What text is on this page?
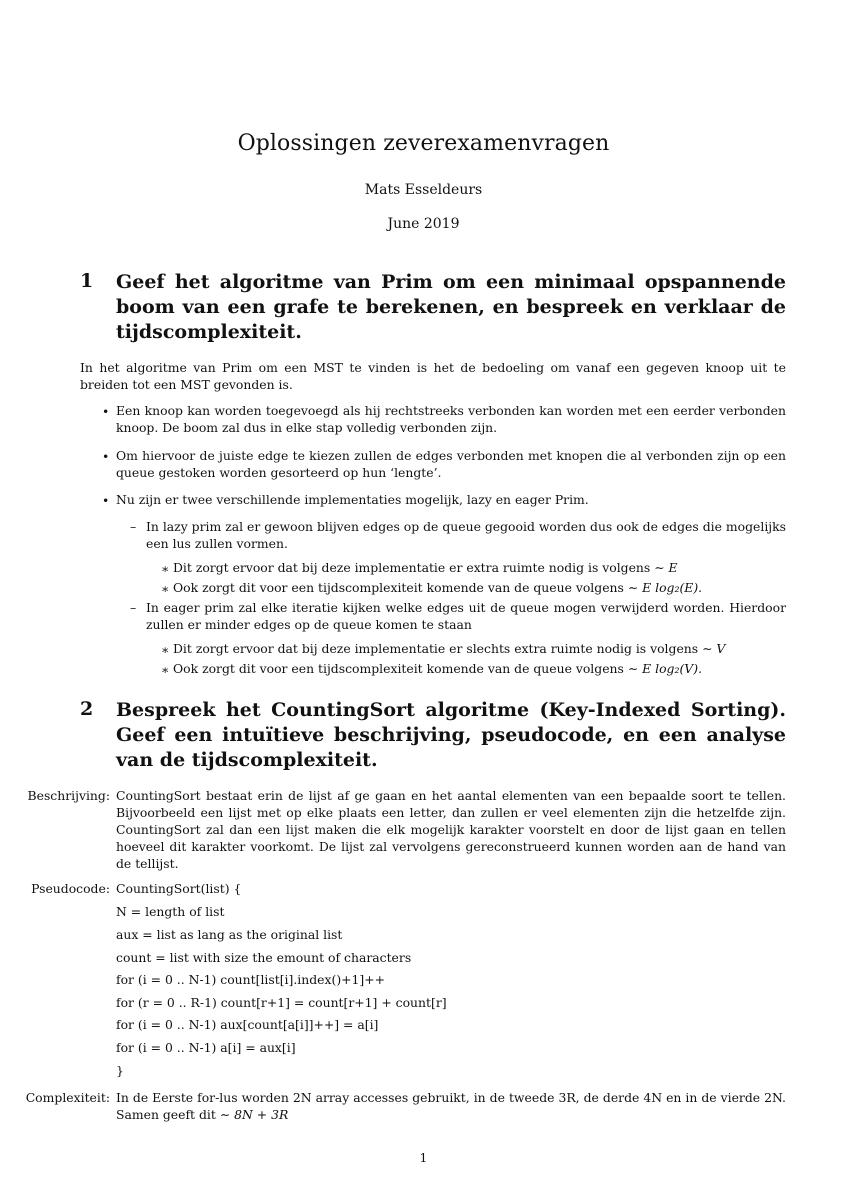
Oplossingen zeverexamenvragen
Mats Esseldeurs
June 2019
1 Geef het algoritme van Prim om een minimaal opspannende boom van een grafe te berekenen, en bespreek en verklaar de tijdscomplexiteit.
In het algoritme van Prim om een MST te vinden is het de bedoeling om vanaf een gegeven knoop uit te breiden tot een MST gevonden is.
• Een knoop kan worden toegevoegd als hij rechtstreeks verbonden kan worden met een eerder verbonden knoop. De boom zal dus in elke stap volledig verbonden zijn.
• Om hiervoor de juiste edge te kiezen zullen de edges verbonden met knopen die al verbonden zijn op een queue gestoken worden gesorteerd op hun ‘lengte’.
• Nu zijn er twee verschillende implementaties mogelijk, lazy en eager Prim.
– In lazy prim zal er gewoon blijven edges op de queue gegooid worden dus ook de edges die mogelijks een lus zullen vormen.
∗ Dit zorgt ervoor dat bij deze implementatie er extra ruimte nodig is volgens ∼ E
∗ Ook zorgt dit voor een tijdscomplexiteit komende van de queue volgens ∼ E log₂(E).
– In eager prim zal elke iteratie kijken welke edges uit de queue mogen verwijderd worden. Hierdoor zullen er minder edges op de queue komen te staan
∗ Dit zorgt ervoor dat bij deze implementatie er slechts extra ruimte nodig is volgens ∼ V
∗ Ook zorgt dit voor een tijdscomplexiteit komende van de queue volgens ∼ E log₂(V).
2 Bespreek het CountingSort algoritme (Key-Indexed Sorting). Geef een intuïtieve beschrijving, pseudocode, en een analyse van de tijdscomplexiteit.
Beschrijving: CountingSort bestaat erin de lijst af ge gaan en het aantal elementen van een bepaalde soort te tellen. Bijvoorbeeld een lijst met op elke plaats een letter, dan zullen er veel elementen zijn die hetzelfde zijn. CountingSort zal dan een lijst maken die elk mogelijk karakter voorstelt en door de lijst gaan en tellen hoeveel dit karakter voorkomt. De lijst zal vervolgens gereconstrueerd kunnen worden aan de hand van de tellijst.
Pseudocode: CountingSort(list) {
N = length of list
aux = list as lang as the original list
count = list with size the emount of characters
for (i = 0 .. N-1) count[list[i].index()+1]++
for (r = 0 .. R-1) count[r+1] = count[r+1] + count[r]
for (i = 0 .. N-1) aux[count[a[i]]++] = a[i]
for (i = 0 .. N-1) a[i] = aux[i]
}
Complexiteit: In de Eerste for-lus worden 2N array accesses gebruikt, in de tweede 3R, de derde 4N en in de vierde 2N. Samen geeft dit ∼ 8N + 3R
1
